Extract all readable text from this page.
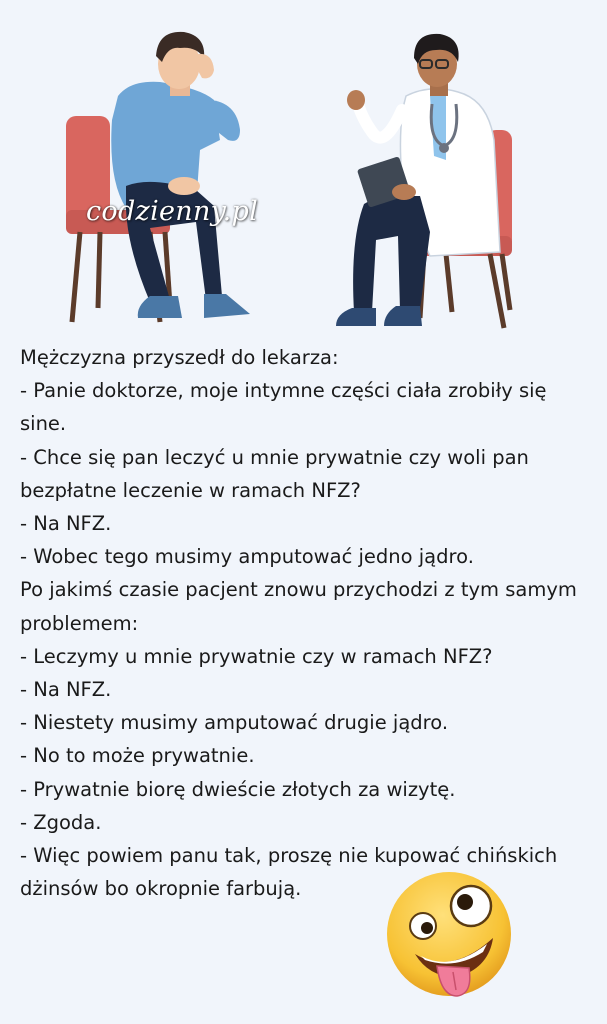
codzienny.pl

Mężczyzna przyszedł do lekarza:

- Panie doktorze, moje intymne części ciała zrobiły się

sine.

- Chce się pan leczyć u mnie prywatnie czy woli pan

bezpłatne leczenie w ramach NFZ?

- Na NFZ.

- Wobec tego musimy amputować jedno jądro.

Po jakimś czasie pacjent znowu przychodzi z tym samym

problemem:

- Leczymy u mnie prywatnie czy w ramach NFZ?

- Na NFZ.

- Niestety musimy amputować drugie jądro.

- No to może prywatnie.

- Prywatnie biorę dwieście złotych za wizytę.

- Zgoda.

- Więc powiem panu tak, proszę nie kupować chińskich

dżinsów bo okropnie farbują.
